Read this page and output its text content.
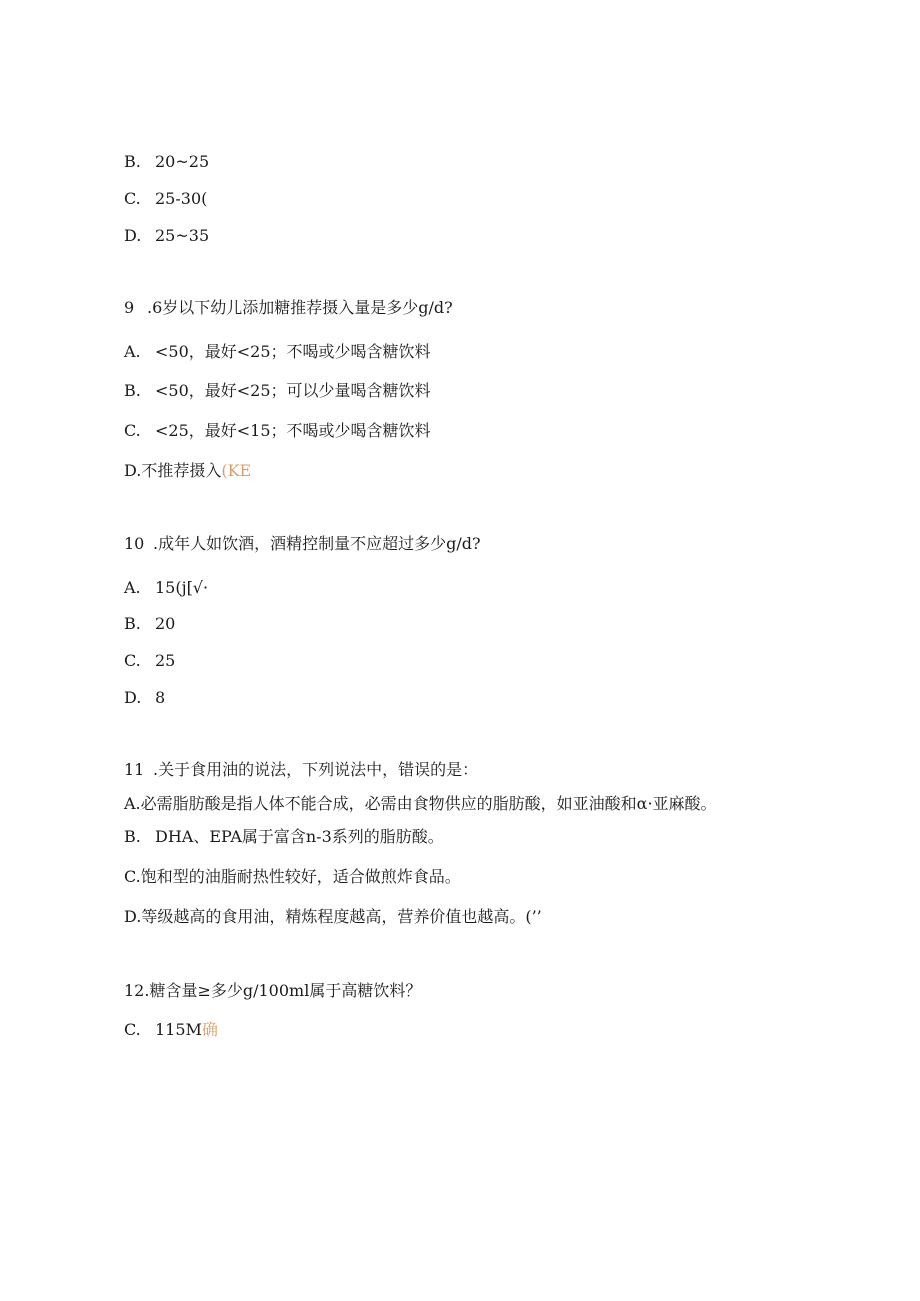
B. 20~25
C. 25-30(
D. 25~35
9 .6岁以下幼儿添加糖推荐摄入量是多少g/d?
A. <50，最好<25；不喝或少喝含糖饮料
B. <50，最好<25；可以少量喝含糖饮料
C. <25，最好<15；不喝或少喝含糖饮料
D.不推荐摄入(KE
10 .成年人如饮酒，酒精控制量不应超过多少g/d?
A. 15(j[√·
B. 20
C. 25
D. 8
11 .关于食用油的说法，下列说法中，错误的是：
A.必需脂肪酸是指人体不能合成，必需由食物供应的脂肪酸，如亚油酸和α·亚麻酸。
B. DHA、EPA属于富含n-3系列的脂肪酸。
C.饱和型的油脂耐热性较好，适合做煎炸食品。
D.等级越高的食用油，精炼程度越高，营养价值也越高。(’’
12.糖含量≥多少g/100ml属于高糖饮料？
C. 115M确
